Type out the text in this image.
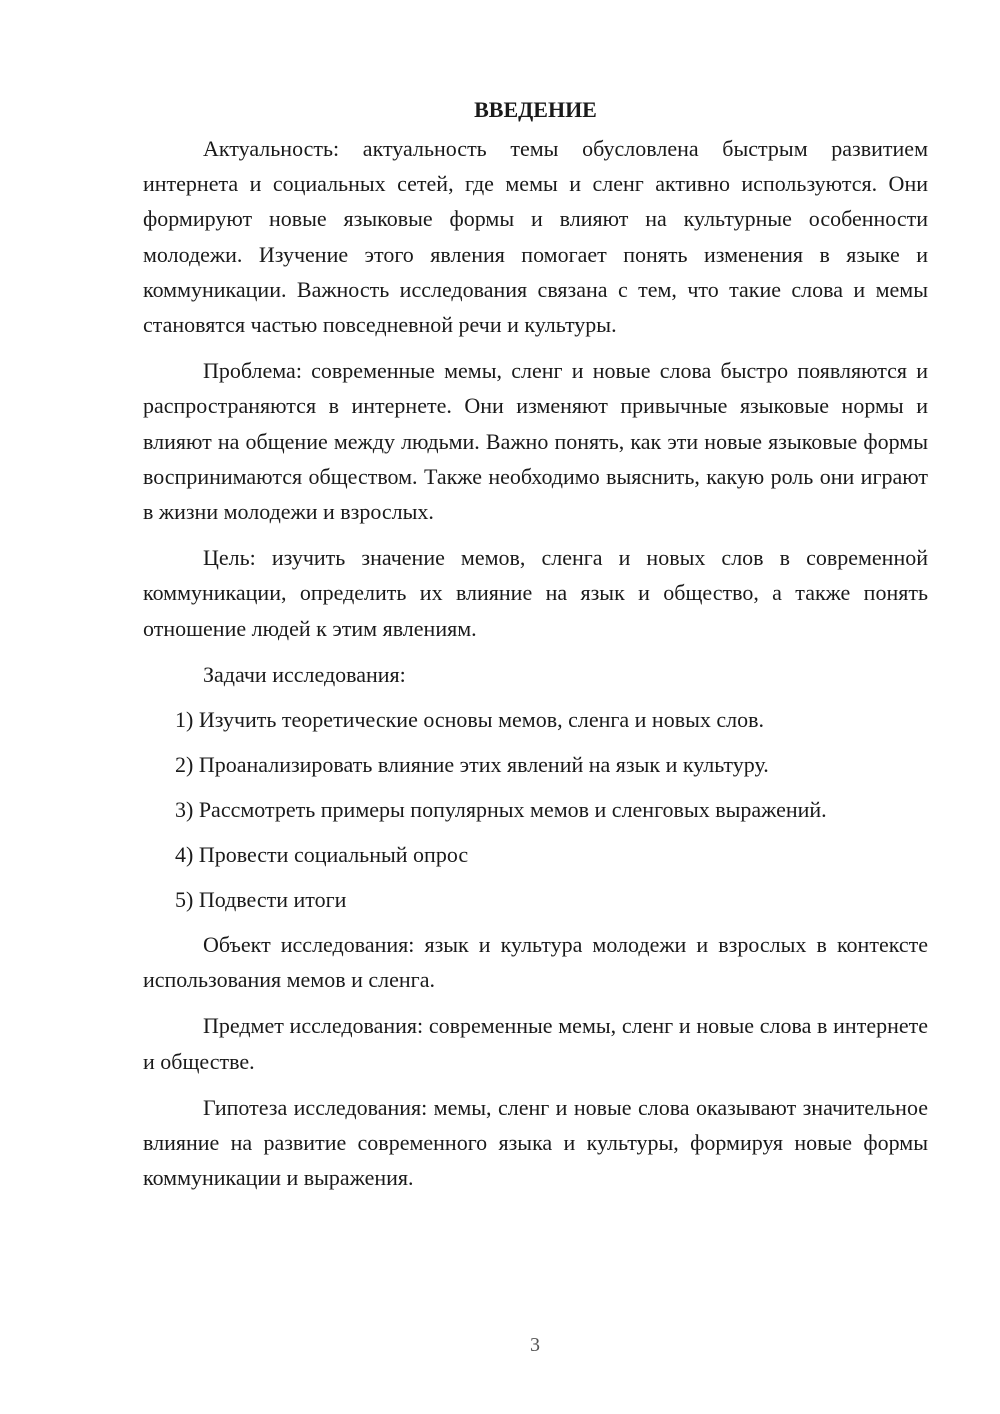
ВВЕДЕНИЕ

Актуальность: актуальность темы обусловлена быстрым развитием интернета и социальных сетей, где мемы и сленг активно используются. Они формируют новые языковые формы и влияют на культурные особенности молодежи. Изучение этого явления помогает понять изменения в языке и коммуникации. Важность исследования связана с тем, что такие слова и мемы становятся частью повседневной речи и культуры.

Проблема: современные мемы, сленг и новые слова быстро появляются и распространяются в интернете. Они изменяют привычные языковые нормы и влияют на общение между людьми. Важно понять, как эти новые языковые формы воспринимаются обществом. Также необходимо выяснить, какую роль они играют в жизни молодежи и взрослых.

Цель: изучить значение мемов, сленга и новых слов в современной коммуникации, определить их влияние на язык и общество, а также понять отношение людей к этим явлениям.

Задачи исследования:

1) Изучить теоретические основы мемов, сленга и новых слов.
2) Проанализировать влияние этих явлений на язык и культуру.
3) Рассмотреть примеры популярных мемов и сленговых выражений.
4) Провести социальный опрос
5) Подвести итоги

Объект исследования: язык и культура молодежи и взрослых в контексте использования мемов и сленга.

Предмет исследования: современные мемы, сленг и новые слова в интернете и обществе.

Гипотеза исследования: мемы, сленг и новые слова оказывают значительное влияние на развитие современного языка и культуры, формируя новые формы коммуникации и выражения.

3
